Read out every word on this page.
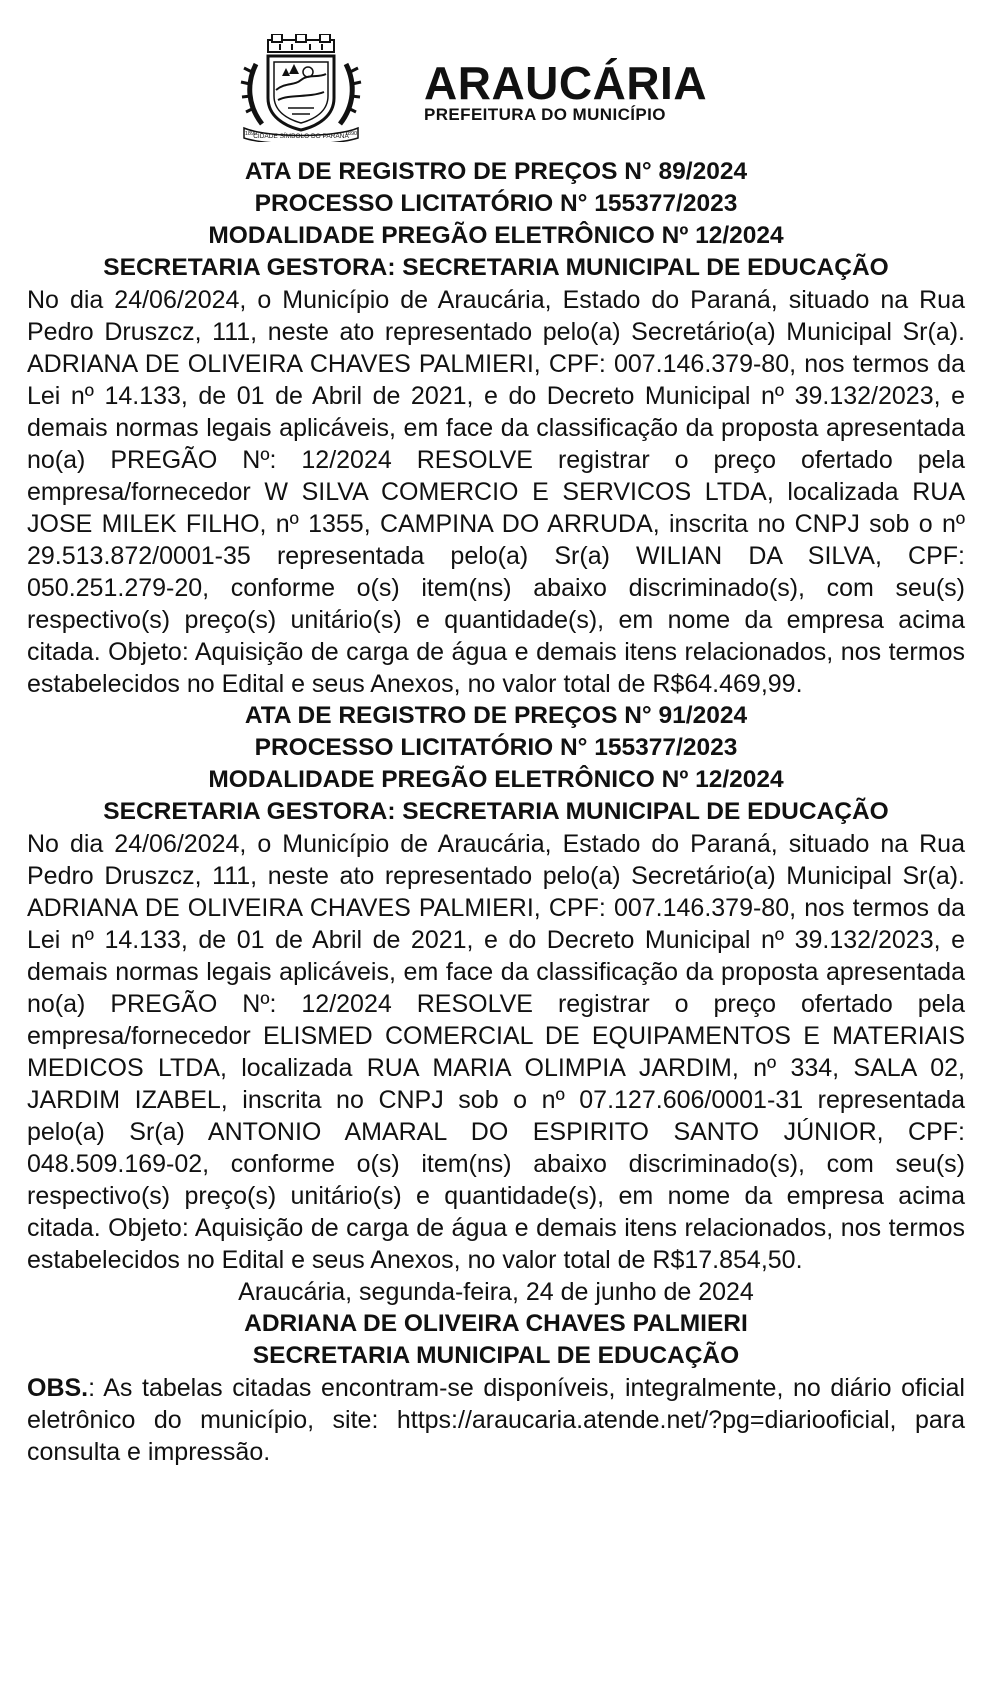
CIDADE SÍMBOLO DO PARANÁ
1890	1890
ARAUCÁRIA
PREFEITURA DO MUNICÍPIO
ATA DE REGISTRO DE PREÇOS N° 89/2024
PROCESSO LICITATÓRIO N° 155377/2023
MODALIDADE PREGÃO ELETRÔNICO Nº 12/2024
SECRETARIA GESTORA: SECRETARIA MUNICIPAL DE EDUCAÇÃO

No dia 24/06/2024, o Município de Araucária, Estado do Paraná, situado na Rua Pedro Druszcz, 111, neste ato representado pelo(a) Secretário(a) Municipal Sr(a). ADRIANA DE OLIVEIRA CHAVES PALMIERI, CPF: 007.146.379-80, nos termos da Lei nº 14.133, de 01 de Abril de 2021, e do Decreto Municipal nº 39.132/2023, e demais normas legais aplicáveis, em face da classificação da proposta apresentada no(a) PREGÃO Nº: 12/2024 RESOLVE registrar o preço ofertado pela empresa/fornecedor W SILVA COMERCIO E SERVICOS LTDA, localizada RUA JOSE MILEK FILHO, nº 1355, CAMPINA DO ARRUDA, inscrita no CNPJ sob o nº 29.513.872/0001-35 representada pelo(a) Sr(a) WILIAN DA SILVA, CPF: 050.251.279-20, conforme o(s) item(ns) abaixo discriminado(s), com seu(s) respectivo(s) preço(s) unitário(s) e quantidade(s), em nome da empresa acima citada. Objeto: Aquisição de carga de água e demais itens relacionados, nos termos estabelecidos no Edital e seus Anexos, no valor total de R$64.469,99.

ATA DE REGISTRO DE PREÇOS N° 91/2024
PROCESSO LICITATÓRIO N° 155377/2023
MODALIDADE PREGÃO ELETRÔNICO Nº 12/2024
SECRETARIA GESTORA: SECRETARIA MUNICIPAL DE EDUCAÇÃO

No dia 24/06/2024, o Município de Araucária, Estado do Paraná, situado na Rua Pedro Druszcz, 111, neste ato representado pelo(a) Secretário(a) Municipal Sr(a). ADRIANA DE OLIVEIRA CHAVES PALMIERI, CPF: 007.146.379-80, nos termos da Lei nº 14.133, de 01 de Abril de 2021, e do Decreto Municipal nº 39.132/2023, e demais normas legais aplicáveis, em face da classificação da proposta apresentada no(a) PREGÃO Nº: 12/2024 RESOLVE registrar o preço ofertado pela empresa/fornecedor ELISMED COMERCIAL DE EQUIPAMENTOS E MATERIAIS MEDICOS LTDA, localizada RUA MARIA OLIMPIA JARDIM, nº 334, SALA 02, JARDIM IZABEL, inscrita no CNPJ sob o nº 07.127.606/0001-31 representada pelo(a) Sr(a) ANTONIO AMARAL DO ESPIRITO SANTO JÚNIOR, CPF: 048.509.169-02, conforme o(s) item(ns) abaixo discriminado(s), com seu(s) respectivo(s) preço(s) unitário(s) e quantidade(s), em nome da empresa acima citada. Objeto: Aquisição de carga de água e demais itens relacionados, nos termos estabelecidos no Edital e seus Anexos, no valor total de R$17.854,50.

Araucária, segunda-feira, 24 de junho de 2024
ADRIANA DE OLIVEIRA CHAVES PALMIERI
SECRETARIA MUNICIPAL DE EDUCAÇÃO

OBS.: As tabelas citadas encontram-se disponíveis, integralmente, no diário oficial eletrônico do município, site: https://araucaria.atende.net/?pg=diariooficial, para consulta e impressão.
